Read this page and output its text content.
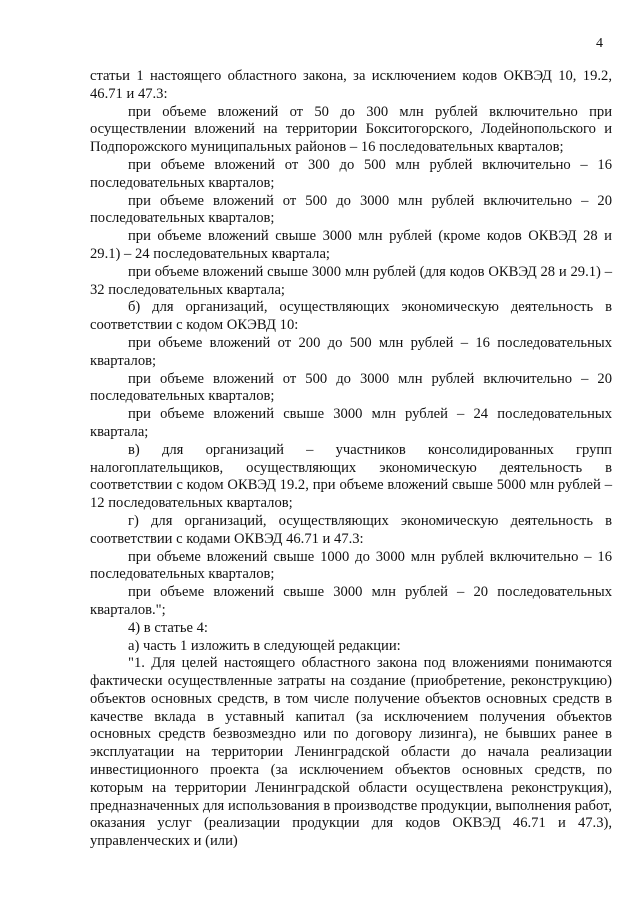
4

статьи 1 настоящего областного закона, за исключением кодов ОКВЭД 10, 19.2, 46.71 и 47.3:

при объеме вложений от 50 до 300 млн рублей включительно при осуществлении вложений на территории Бокситогорского, Лодейнопольского и Подпорожского муниципальных районов – 16 последовательных кварталов;

при объеме вложений от 300 до 500 млн рублей включительно – 16 последовательных кварталов;

при объеме вложений от 500 до 3000 млн рублей включительно – 20 последовательных кварталов;

при объеме вложений свыше 3000 млн рублей (кроме кодов ОКВЭД 28 и 29.1) – 24 последовательных квартала;

при объеме вложений свыше 3000 млн рублей (для кодов ОКВЭД 28 и 29.1) – 32 последовательных квартала;

б) для организаций, осуществляющих экономическую деятельность в соответствии с кодом ОКЭВД 10:

при объеме вложений от 200 до 500 млн рублей – 16 последовательных кварталов;

при объеме вложений от 500 до 3000 млн рублей включительно – 20 последовательных кварталов;

при объеме вложений свыше 3000 млн рублей – 24 последовательных квартала;

в) для организаций – участников консолидированных групп налогоплательщиков, осуществляющих экономическую деятельность в соответствии с кодом ОКВЭД 19.2, при объеме вложений свыше 5000 млн рублей – 12 последовательных кварталов;

г) для организаций, осуществляющих экономическую деятельность в соответствии с кодами ОКВЭД 46.71 и 47.3:

при объеме вложений свыше 1000 до 3000 млн рублей включительно – 16 последовательных кварталов;

при объеме вложений свыше 3000 млн рублей – 20 последовательных кварталов.";

4) в статье 4:

а) часть 1 изложить в следующей редакции:

"1. Для целей настоящего областного закона под вложениями понимаются фактически осуществленные затраты на создание (приобретение, реконструкцию) объектов основных средств, в том числе получение объектов основных средств в качестве вклада в уставный капитал (за исключением получения объектов основных средств безвозмездно или по договору лизинга), не бывших ранее в эксплуатации на территории Ленинградской области до начала реализации инвестиционного проекта (за исключением объектов основных средств, по которым на территории Ленинградской области осуществлена реконструкция), предназначенных для использования в производстве продукции, выполнения работ, оказания услуг (реализации продукции для кодов ОКВЭД 46.71 и 47.3), управленческих и (или)
